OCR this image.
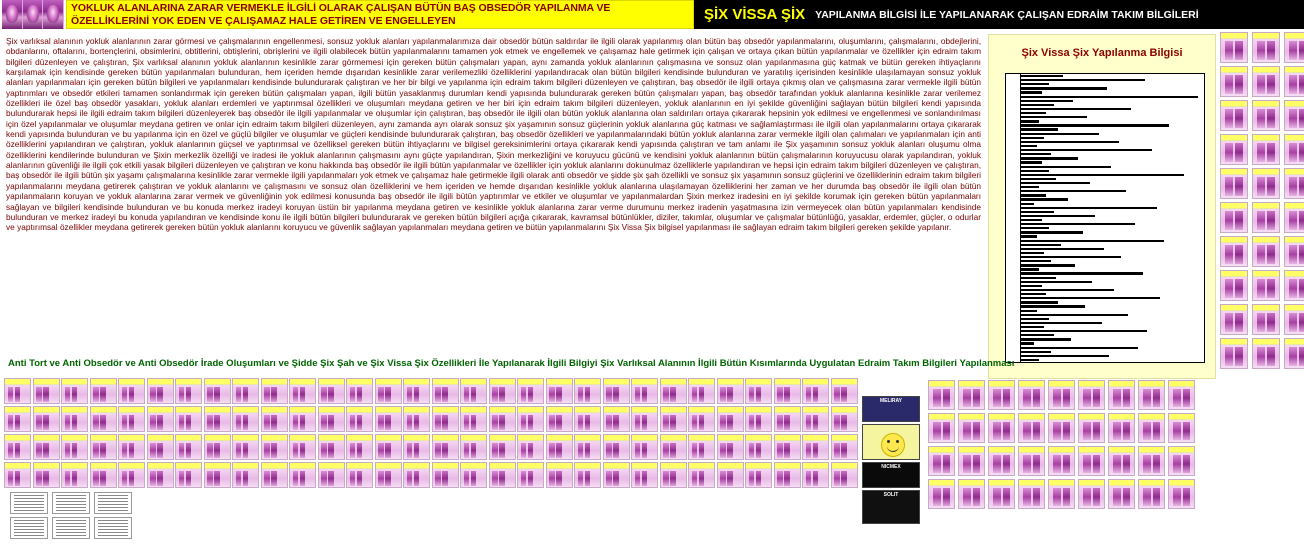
YOKLUK ALANLARINA ZARAR VERMEKLE İLGİLİ OLARAK ÇALIŞAN BÜTÜN BAŞ OBSEDÖR YAPILANMA VE ÖZELLİKLERİNİ YOK EDEN VE ÇALIŞAMAZ HALE GETİREN VE ENGELLEYEN	ŞİX VİSSA ŞİX YAPILANMA BİLGİSİ İLE YAPILANARAK ÇALIŞAN EDRAİM TAKIM BİLGİLERİ
Şix varlıksal alanının yokluk alanlarının zarar görmesi ve çalışmalarının engellenmesi, sonsuz yokluk alanları yapılanmalarımıza dair obsedör bütün saldırılar ile ilgili olarak yapılanmış olan bütün baş obsedör yapılanmalarını, oluşumlarını, çalışmalarını, obdejlerini, obdanlarını, oftalarını, bortençlerini, obsimlerini, obtitlerini, obtişlerini, obrişlerini ve ilgili olabilecek bütün yapılanmalarını tamamen yok etmek ve engellemek ve çalışamaz hale getirmek için çalışan ve ortaya çıkan bütün yapılanmalar ve özellikler için edraim takım bilgileri düzenleyen ve çalıştıran, Şix varlıksal alanının yokluk alanlarının kesinlikle zarar görmemesi için gereken bütün çalışmaları yapan, aynı zamanda yokluk alanlarının çalışmasına ve sonsuz olan yapılanmasına güç katmak ve bütün gereken ihtiyaçlarını karşılamak için kendisinde gereken bütün yapılanmaları bulunduran, hem içeriden hemde dışarıdan kesinlikle zarar verilemezliki özelliklerini yapılandıracak olan bütün bilgileri kendisinde bulunduran ve yaratılış içerisinden kesinlikle ulaşılamayan sonsuz yokluk alanları yapılanmaları için gereken bütün bilgileri ve yapılanmaları kendisinde bulundurarak çalıştıran ve her bir bilgi ve yapılanma için edraim takım bilgileri düzenleyen ve çalıştıran, baş obsedör ile ilgili ortaya çıkmış olan ve çalışmasına zarar vermekle ilgili bütün yaptırımları ve obsedör etkileri tamamen sonlandırmak için gereken bütün çalışmaları yapan, ilgili bütün yasaklanmış durumları kendi yapısında bulundurarak gereken bütün çalışmaları yapan, baş obsedör tarafından yokluk alanlarına kesinlikle zarar verilemez özellikleri ile özel baş obsedör yasakları, yokluk alanları erdemleri ve yaptırımsal özellikleri ve oluşumları meydana getiren ve her biri için edraim takım bilgileri düzenleyen, yokluk alanlarının en iyi şekilde güvenliğini sağlayan bütün bilgileri kendi yapısında bulundurarak hepsi ile ilgili edraim takım bilgileri düzenleyerek baş obsedör ile ilgili yapılanmalar ve oluşumlar için çalıştıran, baş obsedör ile ilgili olan bütün yokluk alanlarına olan saldırıları ortaya çıkararak hepsinin yok edilmesi ve engellenmesi ve sonlandırılması için özel yapılanmalar ve oluşumlar meydana getiren ve onlar için edraim takım bilgileri düzenleyen, aynı zamanda ayrı olarak sonsuz şix yaşamının sonsuz güçlerinin yokluk alanlarına güç katması ve sağlamlaştırması ile ilgili olan yapılanmalarını ortaya çıkararak kendi yapısında bulunduran ve bu yapılanma için en özel ve güçlü bilgiler ve oluşumlar ve güçleri kendisinde bulundurarak çalıştıran, baş obsedör özellikleri ve yapılanmalarındaki bütün yokluk alanlarına zarar vermekle ilgili olan çalımaları ve yapılanmaları için anti özelliklerini yapılandıran ve çalıştıran, yokluk alanlarının güçsel ve yaptırımsal ve özelliksel gereken bütün ihtiyaçlarını ve bilgisel gereksinimlerini ortaya çıkararak kendi yapısında çalıştıran ve tam anlamı ile Şix yaşamının sonsuz yokluk alanları oluşumu olma özelliklerini kendilerinde bulunduran ve Şixin merkezlik özelliği ve iradesi ile yokluk alanlarının çalışmasını aynı güçte yapılandıran, Şixin merkezliğini ve koruyucu gücünü ve kendisini yokluk alanlarının bütün çalışmalarının koruyucusu olarak yapılandıran, yokluk alanlarının güvenliği ile ilgili çok etkili yasak bilgileri düzenleyen ve çalıştıran ve konu hakkında baş obsedör ile ilgili bütün yapılanmalar ve özellikler için yokluk alanlarını dokunulmaz özelliklerle yapılandıran ve hepsi için edraim takım bilgileri düzenleyen ve çalıştıran, baş obsedör ile ilgili bütün şix yaşamı çalışmalarına kesinlikle zarar vermekle ilgili yapılanmaları yok etmek ve çalışamaz hale getirmekle ilgili olarak anti obsedör ve şidde şix şah özellikli ve sonsuz şix yaşamının sonsuz güçlerini ve özelliklerinin edraim takım bilgileri yapılanmalarını meydana getirerek çalıştıran ve yokluk alanlarını ve çalışmasını ve sonsuz olan özelliklerini ve hem içeriden ve hemde dışarıdan kesinlikle yokluk alanlarına ulaşılamayan özelliklerini her zaman ve her durumda baş obsedör ile ilgili olan bütün yapılanmaların koruyan ve yokluk alanlarına zarar vermek ve güvenliğinin yok edilmesi konusunda baş obsedör ile ilgili bütün yaptırımlar ve etkiler ve oluşumlar ve yapılanmalardan Şixin merkez iradesini en iyi şekilde korumak için gereken bütün yapılanmaları sağlayan ve bilgileri kendisinde bulunduran ve bu konuda merkez iradeyi koruyan üstün bir yapılanma meydana getiren ve kesinlikle yokluk alanlarına zarar verme durumunu merkez iradenin yaşatmasına izin vermeyecek olan bütün yapılanmaları kendisinde bulunduran ve merkez iradeyi bu konuda yapılandıran ve kendisinde konu ile ilgili bütün bilgileri bulundurarak ve gereken bütün bilgileri açığa çıkararak, kavramsal bütünlükler, diziler, takımlar, oluşumlar ve çalışmalar bütünlüğü, yasaklar, erdemler, güçler, o odurlar ve yaptırımsal özellikler meydana getirerek gereken bütün yokluk alanlarını koruyucu ve güvenlik sağlayan yapılanmaları meydana getiren ve bütün yapılanmalarını Şix Vissa Şix bilgisel yapılanması ile sağlayan edraim takım bilgileri gereken şekilde yapılanır.
Şix Vissa Şix Yapılanma Bilgisi
Anti Tort ve Anti Obsedör ve Anti Obsedör İrade Oluşumları ve Şidde Şix Şah ve Şix Vissa Şix Özellikleri İle Yapılanarak İlgili Bilgiyi Şix Varlıksal Alanının İlgili Bütün Kısımlarında Uygulatan Edraim Takım Bilgileri Yapılanması
MELIRAY
NICMEX
SOLIT
